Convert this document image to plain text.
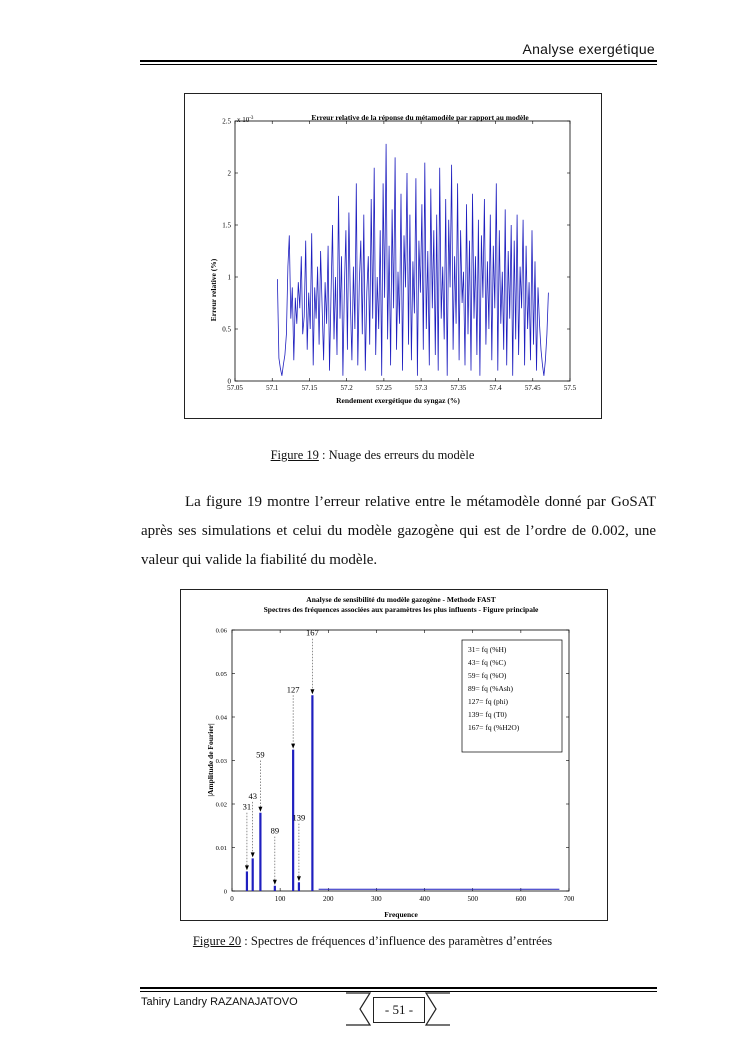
Analyse exergétique
Erreur relative de la réponse du métamodèle par rapport au modèle
x $10^{-3}$
Rendement exergétique du syngaz (%)
Erreur relative (%)
57.05	57.1	57.15	57.2	57.25	57.3	57.35	57.4	57.45	57.5
0
0.5
1
1.5
2
2.5
Figure 19 : Nuage des erreurs du modèle
La figure 19 montre l’erreur relative entre le métamodèle donné par GoSAT après ses simulations et celui du modèle gazogène qui est de l’ordre de 0.002, une valeur qui valide la fiabilité du modèle.
Analyse de sensibilité du modèle gazogène - Methode FAST
Spectres des fréquences associées aux paramètres les plus influents - Figure principale
Frequence
|Amplitude de Fourier|
0	100	200	300	400	500	600	700
0
0.01
0.02
0.03
0.04
0.05
0.06
31
43
59
89
127
139
167
31= fq (%H)
43= fq (%C)
59= fq (%O)
89= fq (%Ash)
127= fq (phi)
139= fq (T0)
167= fq (%H2O)
Figure 20 : Spectres de fréquences d’influence des paramètres d’entrées
Tahiry Landry RAZANAJATOVO	- 51 -
